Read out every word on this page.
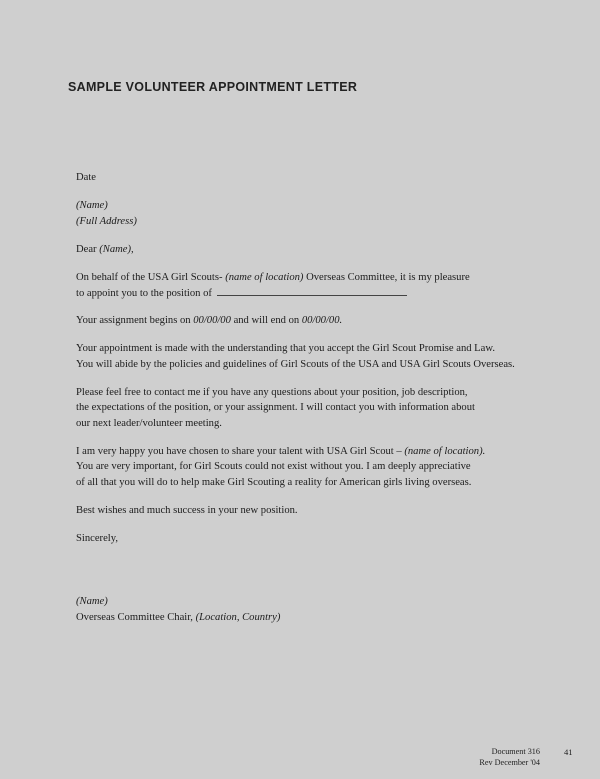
SAMPLE VOLUNTEER APPOINTMENT LETTER
Date
(Name)
(Full Address)
Dear (Name),
On behalf of the USA Girl Scouts- (name of location) Overseas Committee, it is my pleasure
to appoint you to the position of
Your assignment begins on 00/00/00 and will end on 00/00/00.
Your appointment is made with the understanding that you accept the Girl Scout Promise and Law.
You will abide by the policies and guidelines of Girl Scouts of the USA and USA Girl Scouts Overseas.
Please feel free to contact me if you have any questions about your position, job description,
the expectations of the position, or your assignment. I will contact you with information about
our next leader/volunteer meeting.
I am very happy you have chosen to share your talent with USA Girl Scout – (name of location).
You are very important, for Girl Scouts could not exist without you. I am deeply appreciative
of all that you will do to help make Girl Scouting a reality for American girls living overseas.
Best wishes and much success in your new position.
Sincerely,
(Name)
Overseas Committee Chair, (Location, Country)
Document 316
Rev December '04
41
